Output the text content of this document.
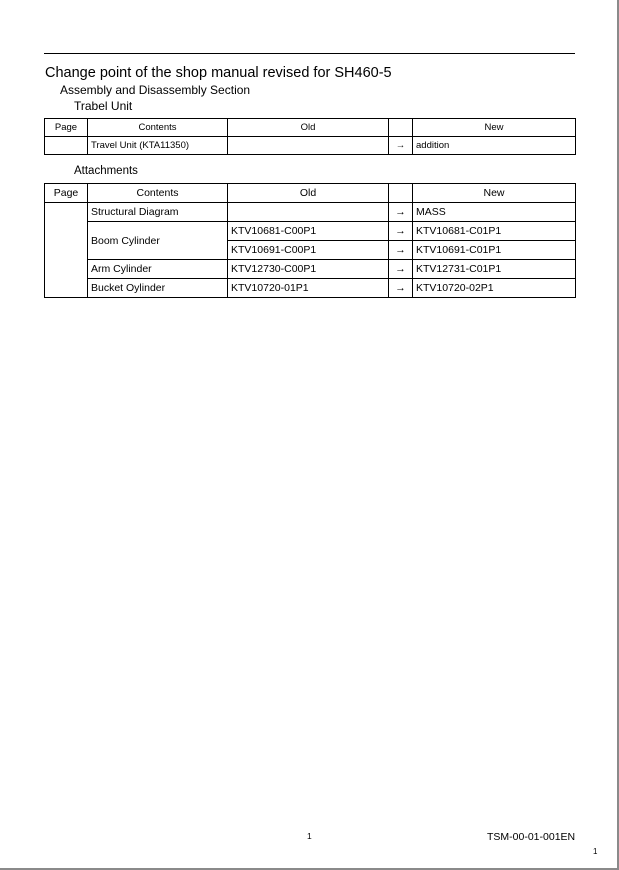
Change point of the shop manual revised for SH460-5
Assembly and Disassembly Section
Trabel Unit
Page	Contents	Old		New
	Travel Unit (KTA11350)		→	addition
Attachments
Page	Contents	Old		New
	Structural Diagram		→	MASS
	Boom Cylinder	KTV10681-C00P1	→	KTV10681-C01P1
		KTV10691-C00P1	→	KTV10691-C01P1
	Arm Cylinder	KTV12730-C00P1	→	KTV12731-C01P1
	Bucket Oylinder	KTV10720-01P1	→	KTV10720-02P1
1	TSM-00-01-001EN
1
